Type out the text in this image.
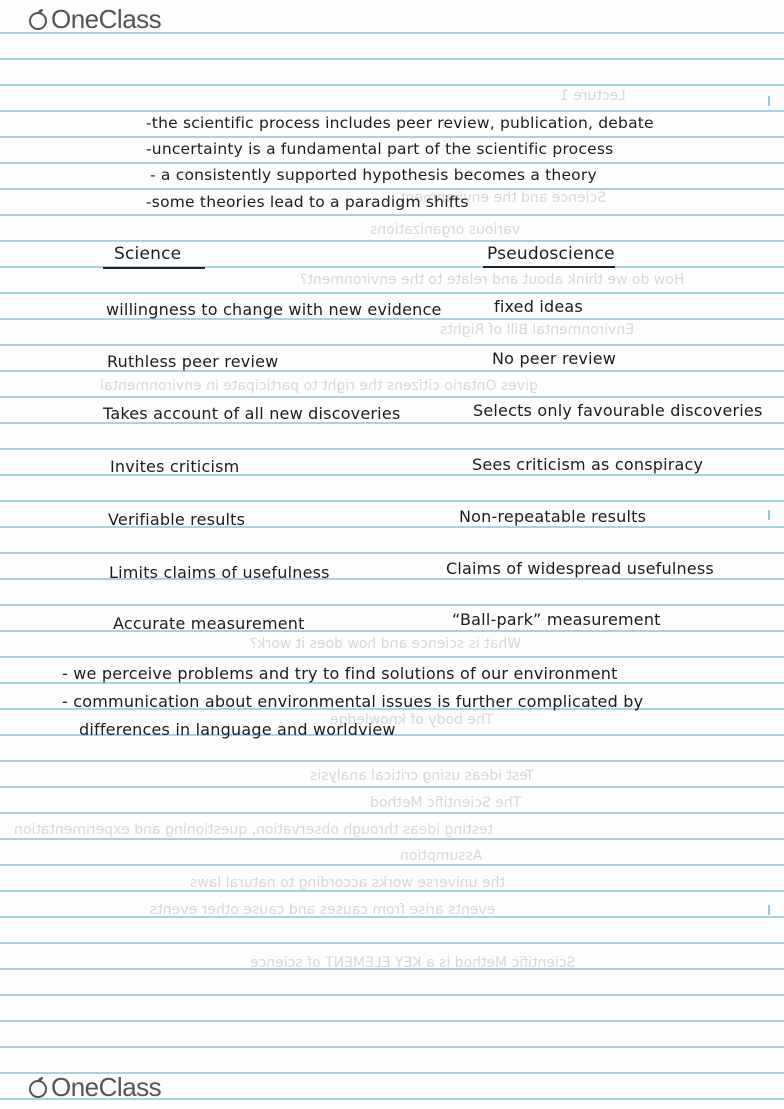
Lecture 1
Science and the environment
various organizations
How do we think about and relate to the environment?
Environmental Bill of Rights
gives Ontario citizens the right to participate in environmental
What is science and how does it work?
The body of knowledge
Test ideas using critical analysis
The Scientific Method
testing ideas through observation, questioning and experimentation
Assumption
the universe works according to natural laws
events arise from causes and cause other events
Scientific Method is a KEY ELEMENT of science
OneClass
-the scientific process includes peer review, publication, debate
-uncertainty is a fundamental part of the scientific process
- a consistently supported hypothesis becomes a theory
-some theories lead to a paradigm shifts
Science	Pseudoscience
willingness to change with new evidence	fixed ideas
Ruthless peer review	No peer review
Takes account of all new discoveries	Selects only favourable discoveries
Invites criticism	Sees criticism as conspiracy
Verifiable results	Non-repeatable results
Limits claims of usefulness	Claims of widespread usefulness
Accurate measurement	“Ball-park” measurement
- we perceive problems and try to find solutions of our environment
- communication about environmental issues is further complicated by
differences in language and worldview
OneClass
